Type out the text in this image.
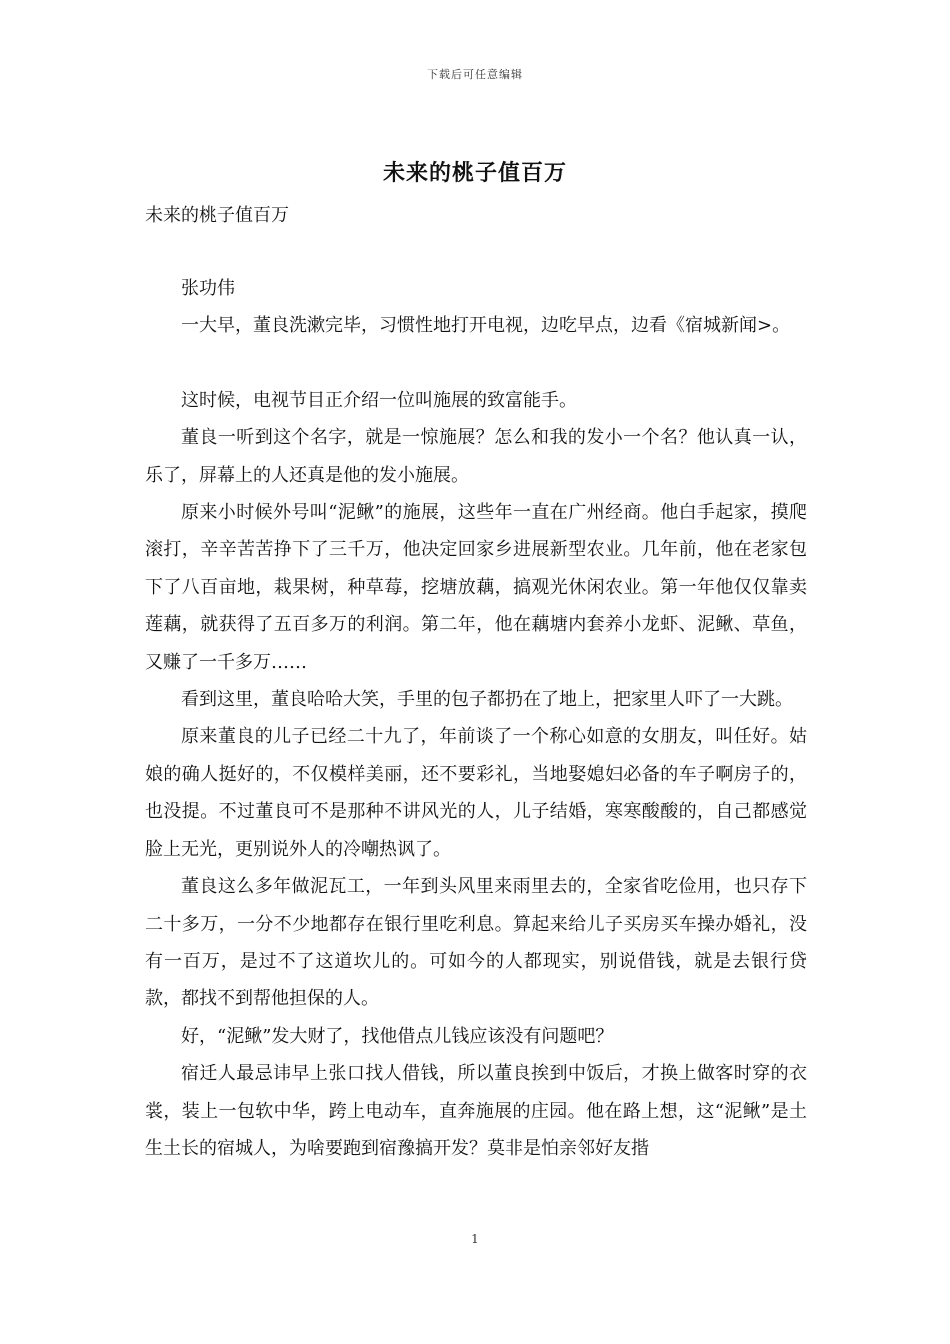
下载后可任意编辑
未来的桃子值百万
未来的桃子值百万

张功伟

一大早，董良洗漱完毕，习惯性地打开电视，边吃早点，边看《宿城新闻>。

这时候，电视节目正介绍一位叫施展的致富能手。

董良一听到这个名字，就是一惊施展？怎么和我的发小一个名？他认真一认，乐了，屏幕上的人还真是他的发小施展。

原来小时候外号叫“泥鳅”的施展，这些年一直在广州经商。他白手起家，摸爬滚打，辛辛苦苦挣下了三千万，他决定回家乡进展新型农业。几年前，他在老家包下了八百亩地，栽果树，种草莓，挖塘放藕，搞观光休闲农业。第一年他仅仅靠卖莲藕，就获得了五百多万的利润。第二年，他在藕塘内套养小龙虾、泥鳅、草鱼，又赚了一千多万……

看到这里，董良哈哈大笑，手里的包子都扔在了地上，把家里人吓了一大跳。

原来董良的儿子已经二十九了，年前谈了一个称心如意的女朋友，叫任好。姑娘的确人挺好的，不仅模样美丽，还不要彩礼，当地娶媳妇必备的车子啊房子的，也没提。不过董良可不是那种不讲风光的人，儿子结婚，寒寒酸酸的，自己都感觉脸上无光，更别说外人的冷嘲热讽了。

董良这么多年做泥瓦工，一年到头风里来雨里去的，全家省吃俭用，也只存下二十多万，一分不少地都存在银行里吃利息。算起来给儿子买房买车操办婚礼，没有一百万，是过不了这道坎儿的。可如今的人都现实，别说借钱，就是去银行贷款，都找不到帮他担保的人。

好，“泥鳅”发大财了，找他借点儿钱应该没有问题吧？

宿迁人最忌讳早上张口找人借钱，所以董良挨到中饭后，才换上做客时穿的衣裳，装上一包软中华，跨上电动车，直奔施展的庄园。他在路上想，这“泥鳅”是土生土长的宿城人，为啥要跑到宿豫搞开发？莫非是怕亲邻好友揩

1
